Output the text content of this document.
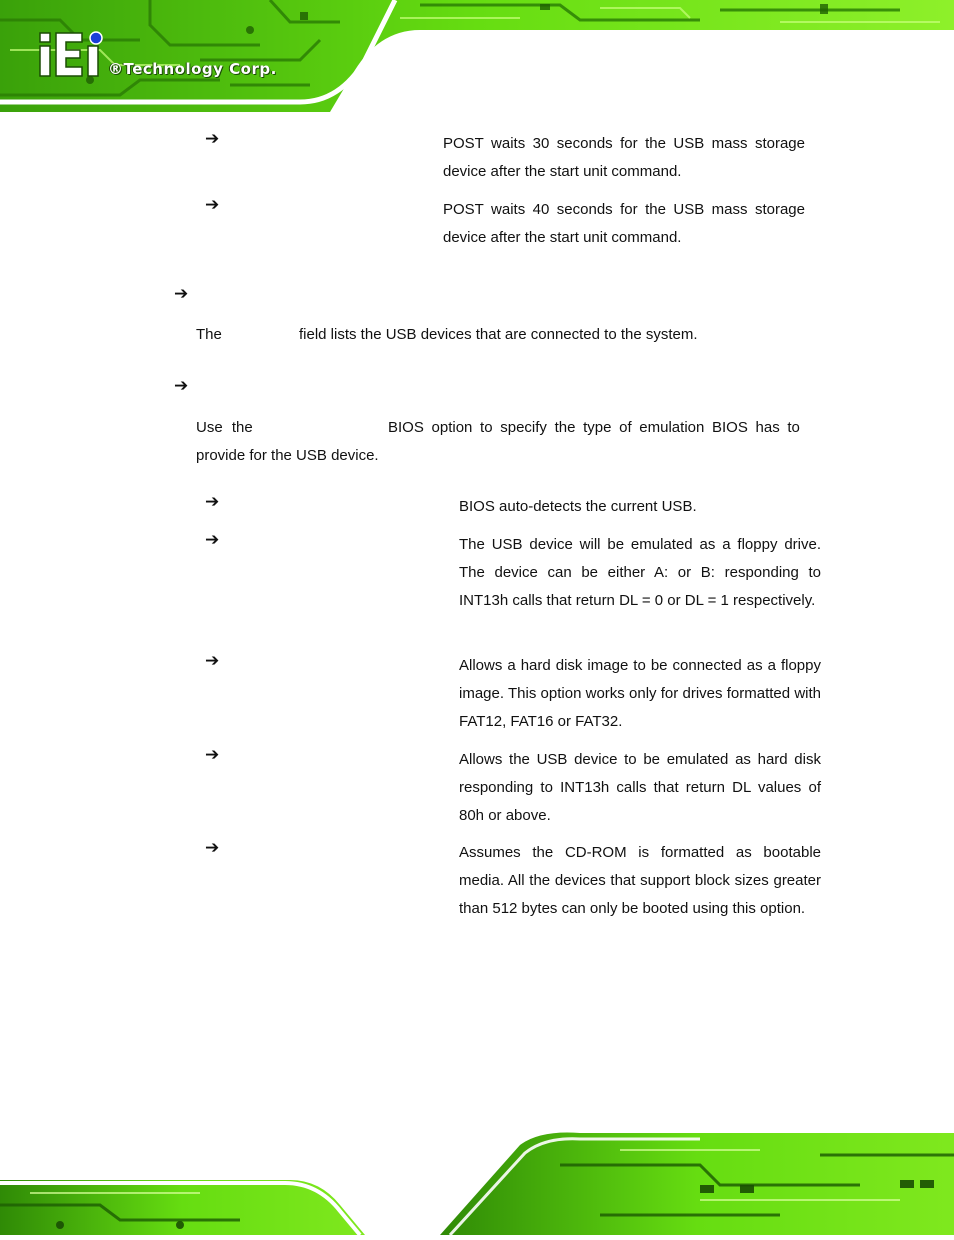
®Technology Corp.
➔	POST waits 30 seconds for the USB mass storage device after the start unit command.
➔	POST waits 40 seconds for the USB mass storage device after the start unit command.
➔
The	field lists the USB devices that are connected to the system.
➔
Use the	BIOS option to specify the type of emulation BIOS has to
provide for the USB device.
➔	BIOS auto-detects the current USB.
➔	The USB device will be emulated as a floppy drive. The device can be either A: or B: responding to INT13h calls that return DL = 0 or DL = 1 respectively.
➔	Allows a hard disk image to be connected as a floppy image. This option works only for drives formatted with FAT12, FAT16 or FAT32.
➔	Allows the USB device to be emulated as hard disk responding to INT13h calls that return DL values of 80h or above.
➔	Assumes the CD-ROM is formatted as bootable media. All the devices that support block sizes greater than 512 bytes can only be booted using this option.
